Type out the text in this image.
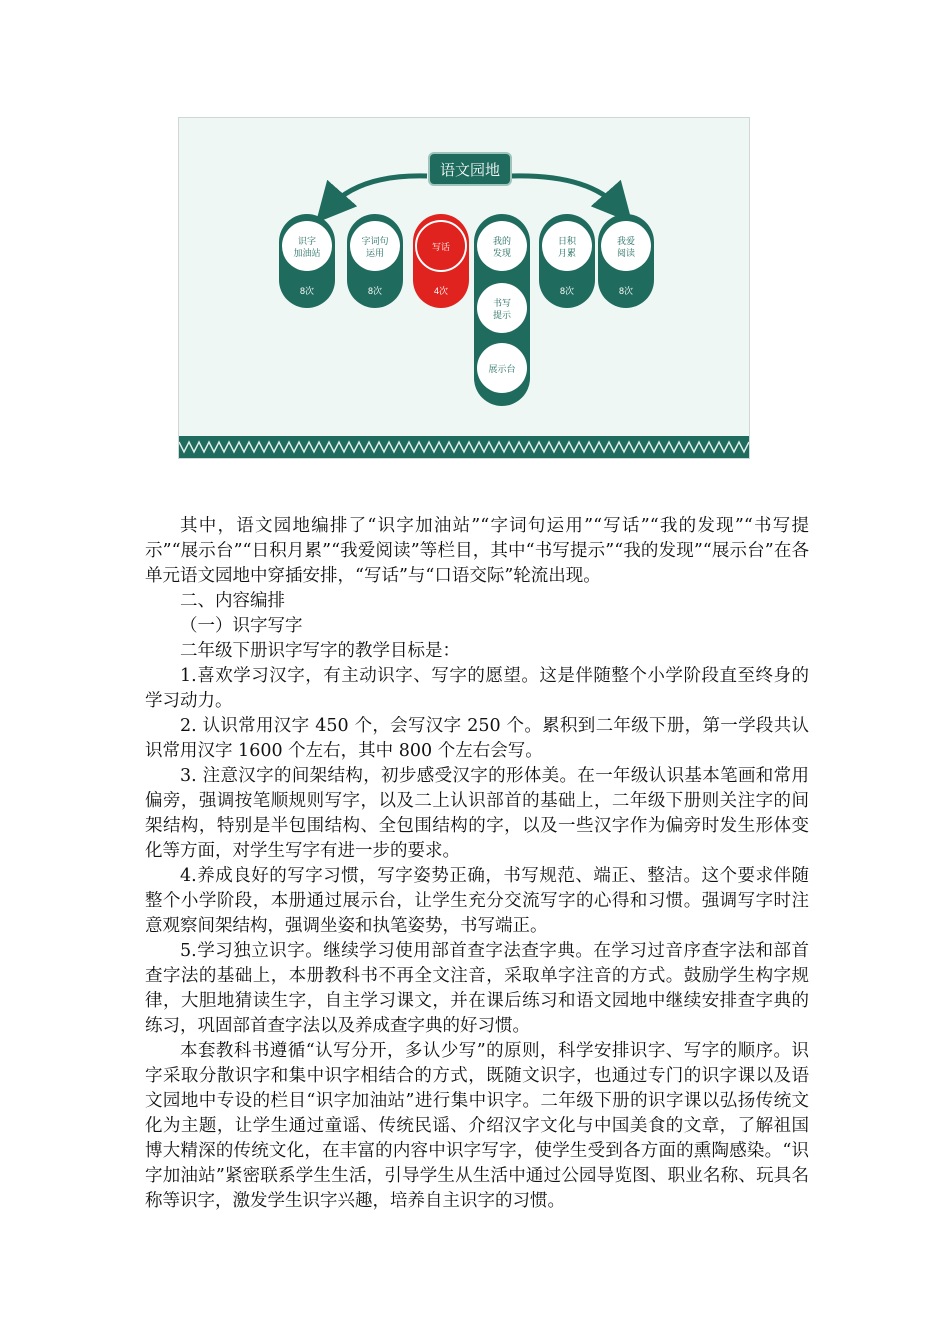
语文园地
识字加油站
8次
字词句运用
8次
写话
4次
我的发现
书写提示
展示台
日积月累
8次
我爱阅读
8次

其中，语文园地编排了“识字加油站”“字词句运用”“写话”“我的发现”“书写提示”“展示台”“日积月累”“我爱阅读”等栏目，其中“书写提示”“我的发现”“展示台”在各单元语文园地中穿插安排，“写话”与“口语交际”轮流出现。

二、内容编排

（一）识字写字

二年级下册识字写字的教学目标是：

1.喜欢学习汉字，有主动识字、写字的愿望。这是伴随整个小学阶段直至终身的学习动力。

2. 认识常用汉字 450 个，会写汉字 250 个。累积到二年级下册，第一学段共认识常用汉字 1600 个左右，其中 800 个左右会写。

3. 注意汉字的间架结构，初步感受汉字的形体美。在一年级认识基本笔画和常用偏旁，强调按笔顺规则写字，以及二上认识部首的基础上，二年级下册则关注字的间架结构，特别是半包围结构、全包围结构的字，以及一些汉字作为偏旁时发生形体变化等方面，对学生写字有进一步的要求。

4.养成良好的写字习惯，写字姿势正确，书写规范、端正、整洁。这个要求伴随整个小学阶段，本册通过展示台，让学生充分交流写字的心得和习惯。强调写字时注意观察间架结构，强调坐姿和执笔姿势，书写端正。

5.学习独立识字。继续学习使用部首查字法查字典。在学习过音序查字法和部首查字法的基础上，本册教科书不再全文注音，采取单字注音的方式。鼓励学生构字规律，大胆地猜读生字，自主学习课文，并在课后练习和语文园地中继续安排查字典的练习，巩固部首查字法以及养成查字典的好习惯。

本套教科书遵循“认写分开，多认少写”的原则，科学安排识字、写字的顺序。识字采取分散识字和集中识字相结合的方式，既随文识字，也通过专门的识字课以及语文园地中专设的栏目“识字加油站”进行集中识字。二年级下册的识字课以弘扬传统文化为主题，让学生通过童谣、传统民谣、介绍汉字文化与中国美食的文章，了解祖国博大精深的传统文化，在丰富的内容中识字写字，使学生受到各方面的熏陶感染。“识字加油站”紧密联系学生生活，引导学生从生活中通过公园导览图、职业名称、玩具名称等识字，激发学生识字兴趣，培养自主识字的习惯。
